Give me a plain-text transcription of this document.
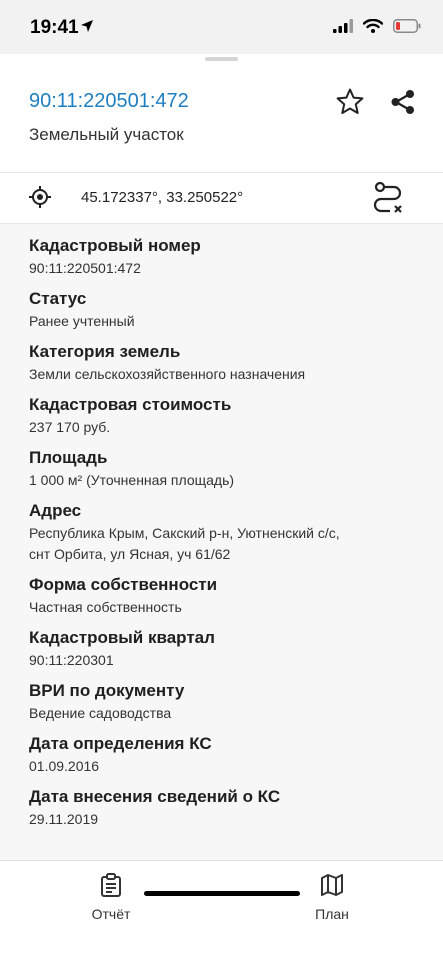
19:41
90:11:220501:472
Земельный участок
45.172337°, 33.250522°
Кадастровый номер
90:11:220501:472
Статус
Ранее учтенный
Категория земель
Земли сельскохозяйственного назначения
Кадастровая стоимость
237 170 руб.
Площадь
1 000 м² (Уточненная площадь)
Адрес
Республика Крым, Сакский р-н, Уютненский с/с,
снт Орбита, ул Ясная, уч 61/62
Форма собственности
Частная собственность
Кадастровый квартал
90:11:220301
ВРИ по документу
Ведение садоводства
Дата определения КС
01.09.2016
Дата внесения сведений о КС
29.11.2019
Отчёт	План
